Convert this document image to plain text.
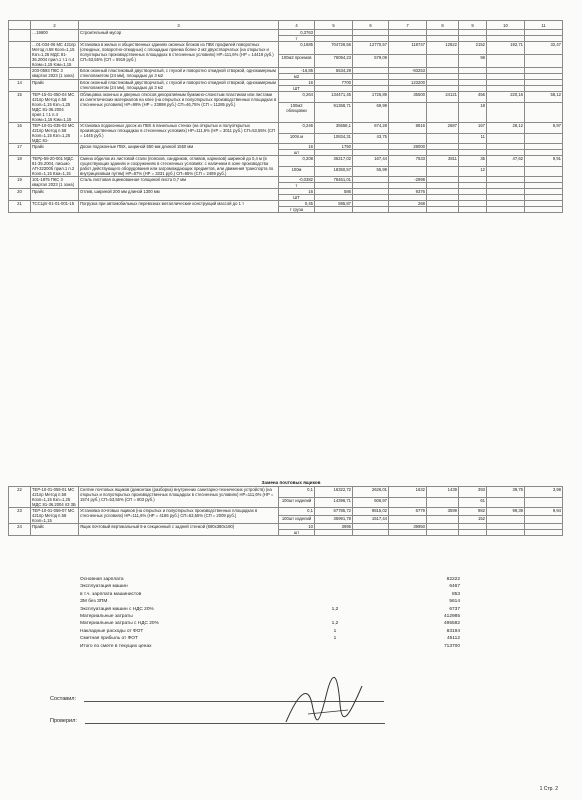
	2	3	4	5	6	7	8	9	10	11
	…19600	Строительный мусор	0,3763							
			т							
	…01-034-06 МС 421пр Метод п.58 Коэп=1,15 Кзп=1,25 МДС 81-36.2004 прил.1 т.1 п.4 Коэм=1,15 Кзм=1,15	Установка в жилых и общественных зданиях оконных блоков из ПВХ профилей поворотных (откидных, поворотно-откидных) с площадью проема более 2 м2 двухстворчатых (на открытых и полуоткрытых производственных площадках в стесненных условиях) НР=111,6% (НР = 14419 руб.) СП=53,55% (СП = 5919 руб.)	0,1685	704728,56	12770,57	118747	12822	2152	192,71	32,47
			100м2 проемов	76094,23	579,09			98		
	203-0593 ПКС 3 квартал 2023 (1 зона)	Блок оконный пластиковый двустворчатый, с глухой и поворотно откидной створкой, однокамерным стеклопакетом (24 мм), площадью до 3 м2	-16,85	5534,29		-93253				
			м2							
14	Прайс	Блок оконный пластиковый двустворчатый, с глухой и поворотно откидной створкой, однокамерным стеклопакетом (24 мм), площадью до 3 м2	16	7700		123200				
			ШТ							
15	ТЕР-15-01-050-04 МС 421пр Метод п.58 Коэп=1,15 Кзп=1,25 МДС 81-36.2004 прил.1 т.1 п.4 Коэм=1,15 Кзм=1,15	Облицовка оконных и дверных откосов декоративным бумажно-слоистым пластиком или листами из синтетических материалов на клее (на открытых и полуоткрытых производственных площадках в стесненных условиях) НР=99% (НР = 23898 руб.) СП=46,75% (СП = 11285 руб.)	0,264	134471,45	1726,89	35500	24121	456	220,16	58,12
			100м2 облицовки	91368,71	69,99			18		
16	ТЕР-10-01-035-02 МС 421пр Метод п.58 Коэп=1,15 Кзп=1,25 МДС 81-	Установка подоконных досок из ПВХ в панельных стенах (на открытых и полуоткрытых производственных площадках в стесненных условиях) НР=111,6% (НР = 3011 руб.) СП=53,55% (СП = 1445 руб.)	0,246	35558,1	674,28	8816	2687	167	28,12	6,97
			100п.м	10834,31	43,75			11		
17	Прайс	Доски подоконные ПВХ, шириной 550 мм длиной 1550 мм	16	1750		28000				
			шт							
18	ТЕРр-58-20-001 МДС 81-35.2004, письмо АП-32300б прил.1 п.2 Коэп=1,15 Кзм=1,15	Смена обделок из листовой стали (поясков, сандриков, отливов, карнизов) шириной до 0,4 м (в существующих зданиях и сооружениях в стесненных условиях: с наличием в зоне производства работ действующего оборудования или загромождающих предметов, или движения транспорта по внутрицеховым путям) НР=87% (НР = 3331 руб.) СП=65% (СП = 2489 руб.)	0,208	36217,02	167,44	7533	3811	35	47,62	9,91
			100м	18350,57	55,99			12		
19	101-1875 ПКС 3 квартал 2023 (1 зона)	Сталь листовая оцинкованная толщиной листа 0,7 мм	-0,0382	78461,01		-2998				
			т							
20	Прайс	Отлив, шириной 200 мм длиной 1300 мм	16	586		9376				
			ШТ							
21	ТССЦпг-01-01-001-15	Погрузка при автомобильных перевозках металлические конструкций массой до 1 т	0,45	595,87		268				
			т груза							
Замена почтовых ящиков
22	ТЕР-10-01-059-01 МС 421пр Метод п.58 Коэп=1,15 Кзп=1,25 МДС 81-36.2004 п3 3Б	Снятие почтовых ящиков (демонтаж (разборка) внутренних санитарно-технических устройств) (на открытых и полуоткрытых производственных площадках в стесненных условиях) НР=111,6% (НР = 1574 руб.) СП=53,55% (СП = 803 руб.)	0,1	16322,72	2626,01	1632	1439	393	39,75	3,98
			100шт изделий	14396,71	606,97			61		
23	ТЕР-10-01-059-07 МС 421пр Метод п.58 Коэп=1,15	Установка почтовых ящиков (на открытых и полуоткрытых производственных площадках в стесненных условиях) НР=111,6% (НР = 4186 руб.) СП=53,55% (СП = 2009 руб.)	0,1	67785,72	9815,02	6779	3599	982	99,39	9,94
			100шт изделий	35991,78	1517,44			152		
24	Прайс	Ящик почтовый вертикальный 6-и секционный с задней стенкой (690х380х190)	10	3995		39950				
			шт							
Основная зарплата	82222
Эксплуатация машин	6467
в т.ч. зарплата машинистов	853
ЗМ без ЗПМ	5614
Эксплуатация машин с НДС 20%	1,2	6737
Материальные затраты	412985
Материальные затраты с НДС 20%	1,2	495582
Накладные расходы от ФОТ	1	83194
Сметная прибыль от ФОТ	1	45112
Итого по смете в текущих ценах	713700
Составил:
Проверил:
1 Стр. 2
